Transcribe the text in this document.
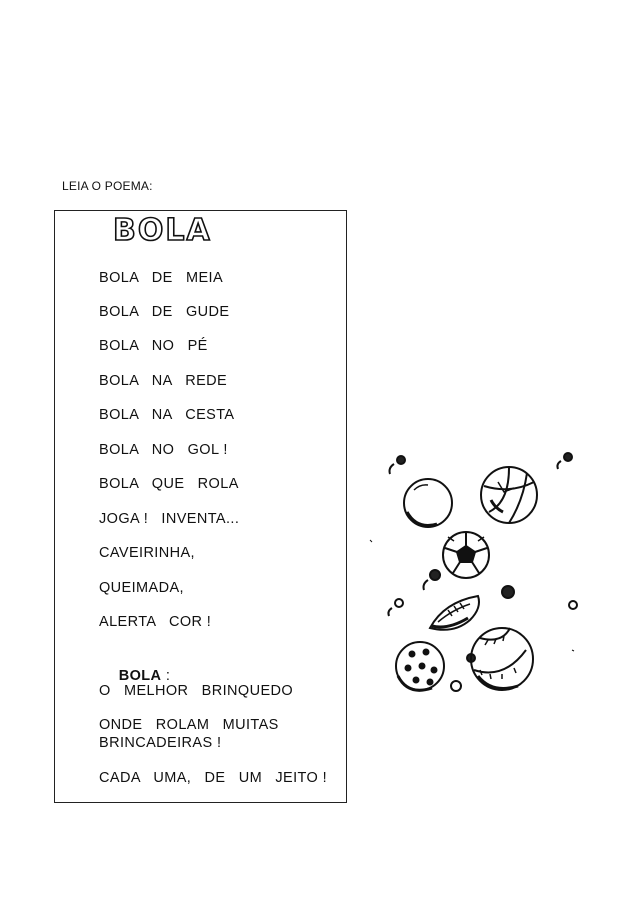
LEIA O POEMA:
BOLA
BOLA   DE   MEIA
BOLA   DE   GUDE
BOLA   NO   PÉ
BOLA   NA   REDE
BOLA   NA   CESTA
BOLA   NO   GOL !
BOLA   QUE   ROLA
JOGA !   INVENTA...
CAVEIRINHA,
QUEIMADA,
ALERTA   COR !

BOLA :

O   MELHOR   BRINQUEDO
ONDE   ROLAM   MUITAS
BRINCADEIRAS !
CADA   UMA,   DE   UM   JEITO !
